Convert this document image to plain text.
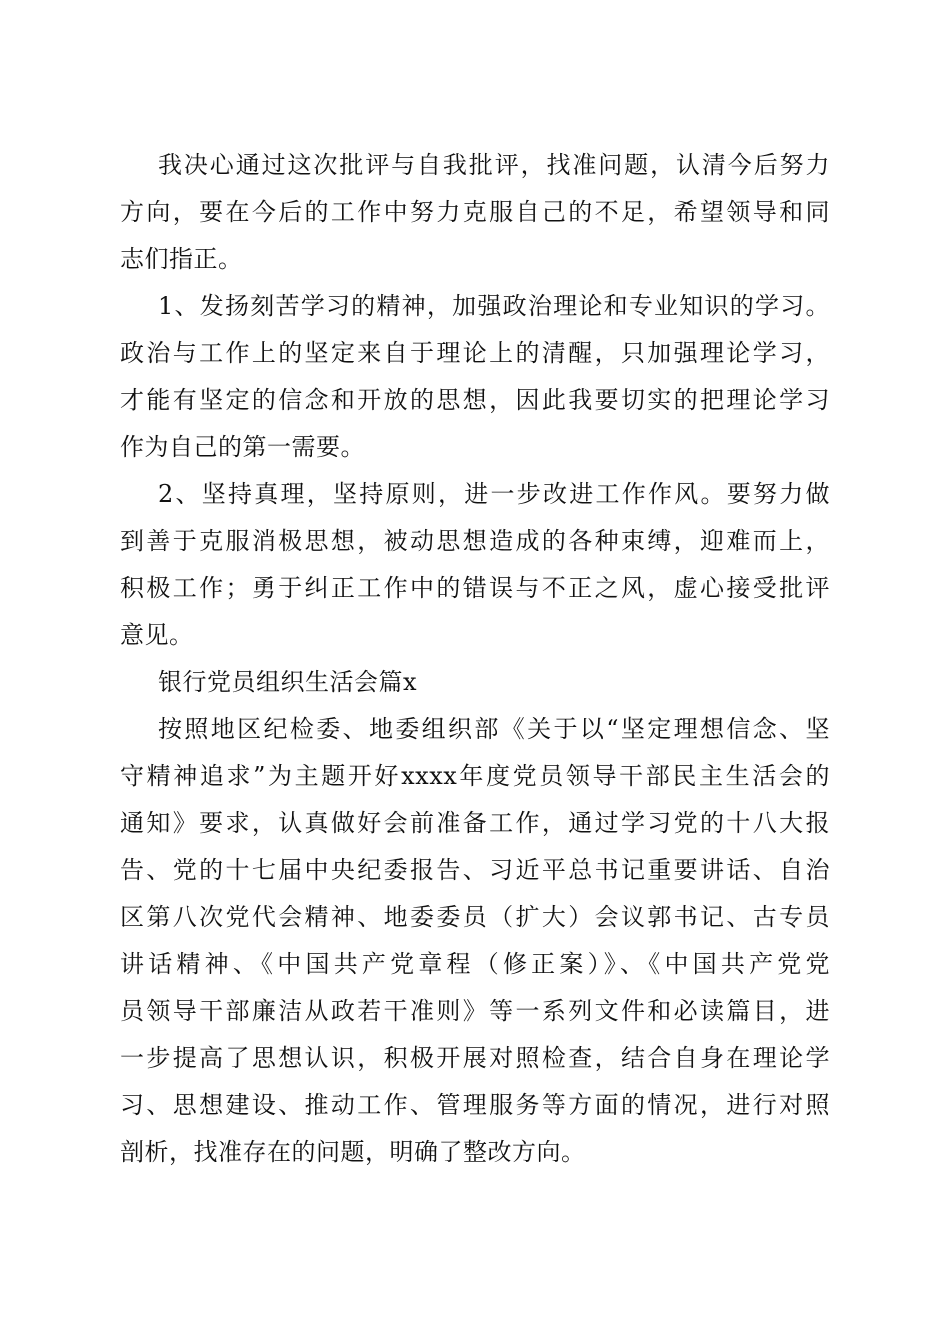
我决心通过这次批评与自我批评，找准问题，认清今后努力
方向，要在今后的工作中努力克服自己的不足，希望领导和同
志们指正。

1、发扬刻苦学习的精神，加强政治理论和专业知识的学习。
政治与工作上的坚定来自于理论上的清醒，只加强理论学习，
才能有坚定的信念和开放的思想，因此我要切实的把理论学习
作为自己的第一需要。

2、坚持真理，坚持原则，进一步改进工作作风。要努力做
到善于克服消极思想，被动思想造成的各种束缚，迎难而上，
积极工作；勇于纠正工作中的错误与不正之风，虚心接受批评
意见。

银行党员组织生活会篇x

按照地区纪检委、地委组织部《关于以“坚定理想信念、坚
守精神追求”为主题开好xxxx年度党员领导干部民主生活会的
通知》要求，认真做好会前准备工作，通过学习党的十八大报
告、党的十七届中央纪委报告、习近平总书记重要讲话、自治
区第八次党代会精神、地委委员（扩大）会议郭书记、古专员
讲话精神、《中国共产党章程（修正案）》、《中国共产党党
员领导干部廉洁从政若干准则》等一系列文件和必读篇目，进
一步提高了思想认识，积极开展对照检查，结合自身在理论学
习、思想建设、推动工作、管理服务等方面的情况，进行对照
剖析，找准存在的问题，明确了整改方向。
